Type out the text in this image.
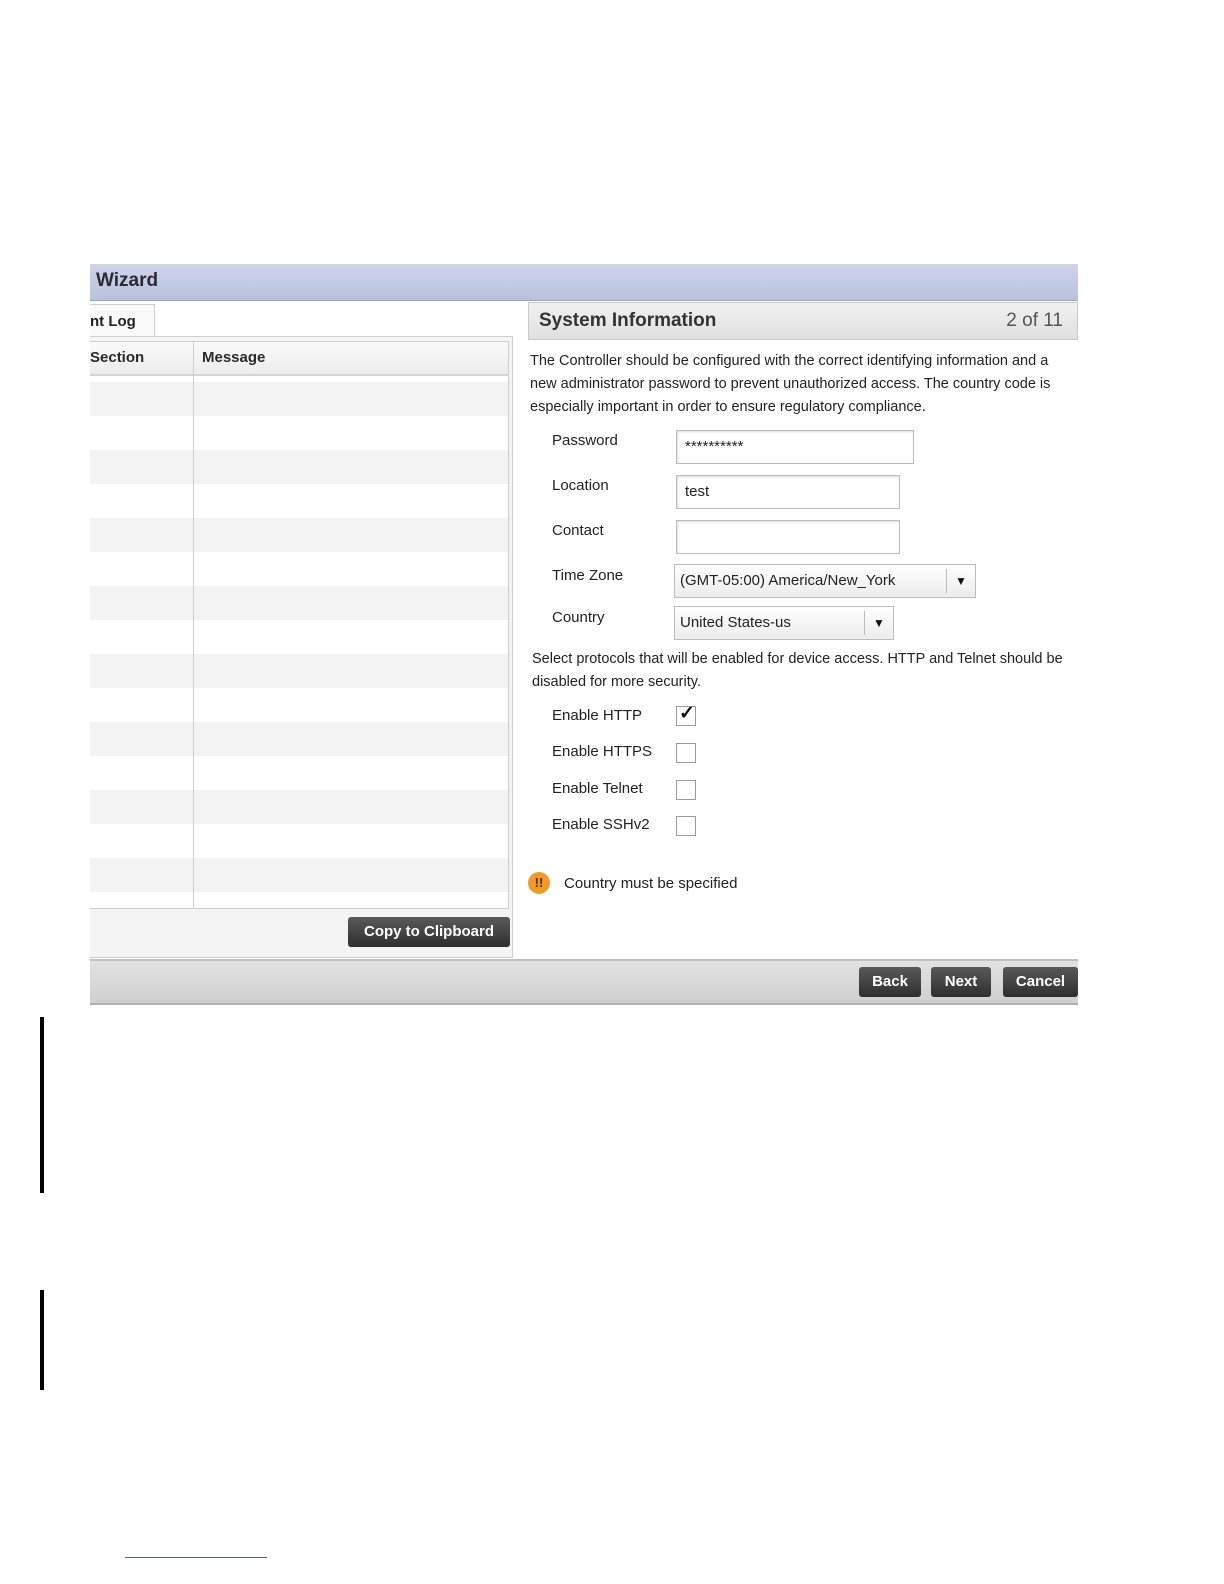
Wizard
nt Log
Section	Message
Copy to Clipboard
System Information	2 of 11
The Controller should be configured with the correct identifying information and a new administrator password to prevent unauthorized access. The country code is especially important in order to ensure regulatory compliance.
Password	**********
Location	test
Contact
Time Zone	(GMT-05:00) America/New_York	▼
Country	United States-us	▼
Select protocols that will be enabled for device access. HTTP and Telnet should be disabled for more security.
Enable HTTP ✓
Enable HTTPS
Enable Telnet
Enable SSHv2
!!	Country must be specified
Back	Next	Cancel
